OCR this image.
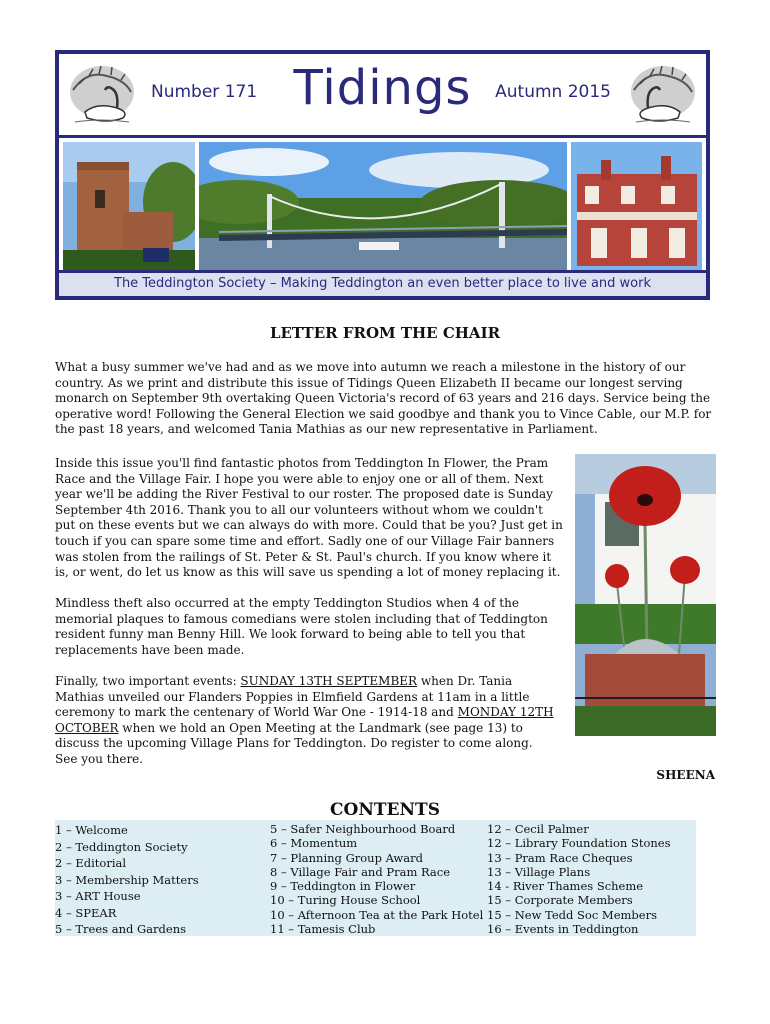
Number 171 Tidings	Autumn 2015
The Teddington Society – Making Teddington an even better place to live and work
LETTER FROM THE CHAIR
What a busy summer we've had and as we move into autumn we reach a milestone in the history of our country. As we print and distribute this issue of Tidings Queen Elizabeth II became our longest serving monarch on September 9th overtaking Queen Victoria's record of 63 years and 216 days. Service being the operative word! Following the General Election we said goodbye and thank you to Vince Cable, our M.P. for the past 18 years, and welcomed Tania Mathias as our new representative in Parliament.
Inside this issue you'll find fantastic photos from Teddington In Flower, the Pram Race and the Village Fair. I hope you were able to enjoy one or all of them. Next year we'll be adding the River Festival to our roster. The proposed date is Sunday September 4th 2016. Thank you to all our volunteers without whom we couldn't put on these events but we can always do with more. Could that be you? Just get in touch if you can spare some time and effort. Sadly one of our Village Fair banners was stolen from the railings of St. Peter & St. Paul's church. If you know where it is, or went, do let us know as this will save us spending a lot of money replacing it.
Mindless theft also occurred at the empty Teddington Studios when 4 of the memorial plaques to famous comedians were stolen including that of Teddington resident funny man Benny Hill. We look forward to being able to tell you that replacements have been made.
Finally, two important events: SUNDAY 13TH SEPTEMBER when Dr. Tania Mathias unveiled our Flanders Poppies in Elmfield Gardens at 11am in a little ceremony to mark the centenary of World War One - 1914-18 and MONDAY 12TH OCTOBER when we hold an Open Meeting at the Landmark (see page 13) to discuss the upcoming Village Plans for Teddington. Do register to come along.
See you there.
SHEENA
CONTENTS
1 – Welcome
2 – Teddington Society
2 – Editorial
3 – Membership Matters
3 – ART House
4 – SPEAR
5 – Trees and Gardens
5 – Safer Neighbourhood Board
6 – Momentum
7 – Planning Group Award
8 – Village Fair and Pram Race
9 – Teddington in Flower
10 – Turing House School
10 – Afternoon Tea at the Park Hotel
11 – Tamesis Club
12 – Cecil Palmer
12 – Library Foundation Stones
13 – Pram Race Cheques
13 – Village Plans
14 - River Thames Scheme
15 – Corporate Members
15 – New Tedd Soc Members
16 – Events in Teddington
